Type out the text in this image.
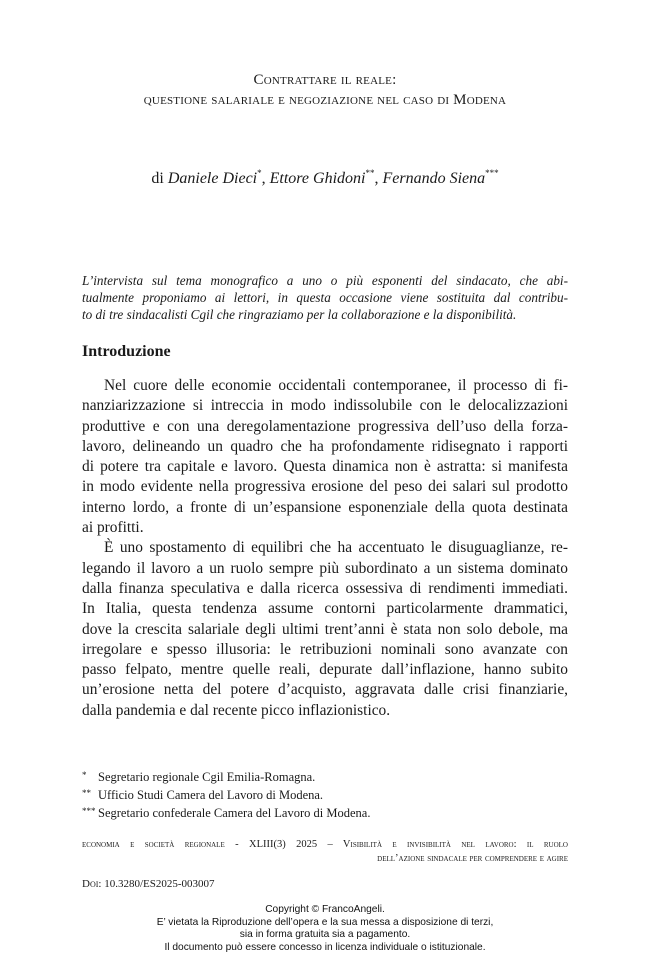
Contrattare il reale:
questione salariale e negoziazione nel caso di Modena
di Daniele Dieci*, Ettore Ghidoni**, Fernando Siena***
L’intervista sul tema monografico a uno o più esponenti del sindacato, che abi-
tualmente proponiamo ai lettori, in questa occasione viene sostituita dal contribu-
to di tre sindacalisti Cgil che ringraziamo per la collaborazione e la disponibilità.
Introduzione
Nel cuore delle economie occidentali contemporanee, il processo di fi-
nanziarizzazione si intreccia in modo indissolubile con le delocalizzazioni
produttive e con una deregolamentazione progressiva dell’uso della forza-
lavoro, delineando un quadro che ha profondamente ridisegnato i rapporti
di potere tra capitale e lavoro. Questa dinamica non è astratta: si manifesta
in modo evidente nella progressiva erosione del peso dei salari sul prodotto
interno lordo, a fronte di un’espansione esponenziale della quota destinata
ai profitti.
È uno spostamento di equilibri che ha accentuato le disuguaglianze, re-
legando il lavoro a un ruolo sempre più subordinato a un sistema dominato
dalla finanza speculativa e dalla ricerca ossessiva di rendimenti immediati.
In Italia, questa tendenza assume contorni particolarmente drammatici,
dove la crescita salariale degli ultimi trent’anni è stata non solo debole, ma
irregolare e spesso illusoria: le retribuzioni nominali sono avanzate con
passo felpato, mentre quelle reali, depurate dall’inflazione, hanno subito
un’erosione netta del potere d’acquisto, aggravata dalle crisi finanziarie,
dalla pandemia e dal recente picco inflazionistico.
* Segretario regionale Cgil Emilia-Romagna.
** Ufficio Studi Camera del Lavoro di Modena.
*** Segretario confederale Camera del Lavoro di Modena.
economia e società regionale - XLIII(3) 2025 – Visibilità e invisibilità nel lavoro: il ruolo
dell’azione sindacale per comprendere e agire
Doi: 10.3280/ES2025-003007
Copyright © FrancoAngeli.
E’ vietata la Riproduzione dell’opera e la sua messa a disposizione di terzi,
sia in forma gratuita sia a pagamento.
Il documento può essere concesso in licenza individuale o istituzionale.
